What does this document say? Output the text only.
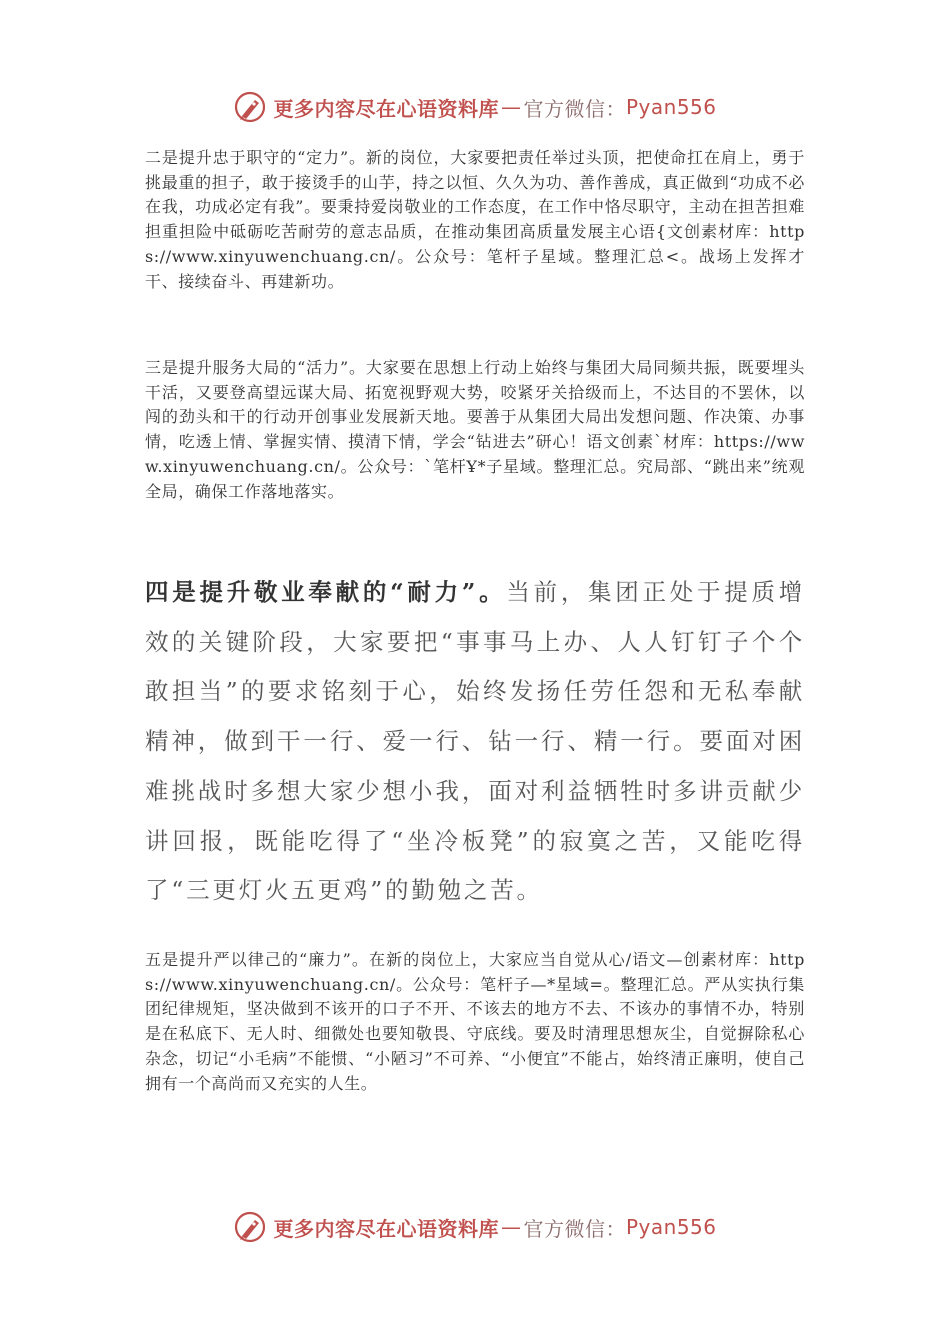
更多内容尽在心语资料库 — 官方微信： Pyan556

二是提升忠于职守的“定力”。新的岗位，大家要把责任举过头顶，把使命扛在肩上，勇于挑最重的担子，敢于接烫手的山芋，持之以恒、久久为功、善作善成，真正做到“功成不必在我，功成必定有我”。要秉持爱岗敬业的工作态度，在工作中恪尽职守，主动在担苦担难担重担险中砥砺吃苦耐劳的意志品质，在推动集团高质量发展主心语{文创素材库：https://www.xinyuwenchuang.cn/。公众号：笔杆子星域。整理汇总<。战场上发挥才干、接续奋斗、再建新功。

三是提升服务大局的“活力”。大家要在思想上行动上始终与集团大局同频共振，既要埋头干活，又要登高望远谋大局、拓宽视野观大势，咬紧牙关拾级而上，不达目的不罢休，以闯的劲头和干的行动开创事业发展新天地。要善于从集团大局出发想问题、作决策、办事情，吃透上情、掌握实情、摸清下情，学会“钻进去”研心！语文创素`材库：https://www.xinyuwenchuang.cn/。公众号：`笔杆Ұ*子星域。整理汇总。究局部、“跳出来”统观全局，确保工作落地落实。

四是提升敬业奉献的“耐力”。当前，集团正处于提质增效的关键阶段，大家要把“事事马上办、人人钉钉子个个敢担当”的要求铭刻于心，始终发扬任劳任怨和无私奉献精神，做到干一行、爱一行、钻一行、精一行。要面对困难挑战时多想大家少想小我，面对利益牺牲时多讲贡献少讲回报，既能吃得了“坐冷板凳”的寂寞之苦，又能吃得了“三更灯火五更鸡”的勤勉之苦。

五是提升严以律己的“廉力”。在新的岗位上，大家应当自觉从心/语文—创素材库：https://www.xinyuwenchuang.cn/。公众号：笔杆子—*星域=。整理汇总。严从实执行集团纪律规矩，坚决做到不该开的口子不开、不该去的地方不去、不该办的事情不办，特别是在私底下、无人时、细微处也要知敬畏、守底线。要及时清理思想灰尘，自觉摒除私心杂念，切记“小毛病”不能惯、“小陋习”不可养、“小便宜”不能占，始终清正廉明，使自己拥有一个高尚而又充实的人生。

更多内容尽在心语资料库 — 官方微信： Pyan556
